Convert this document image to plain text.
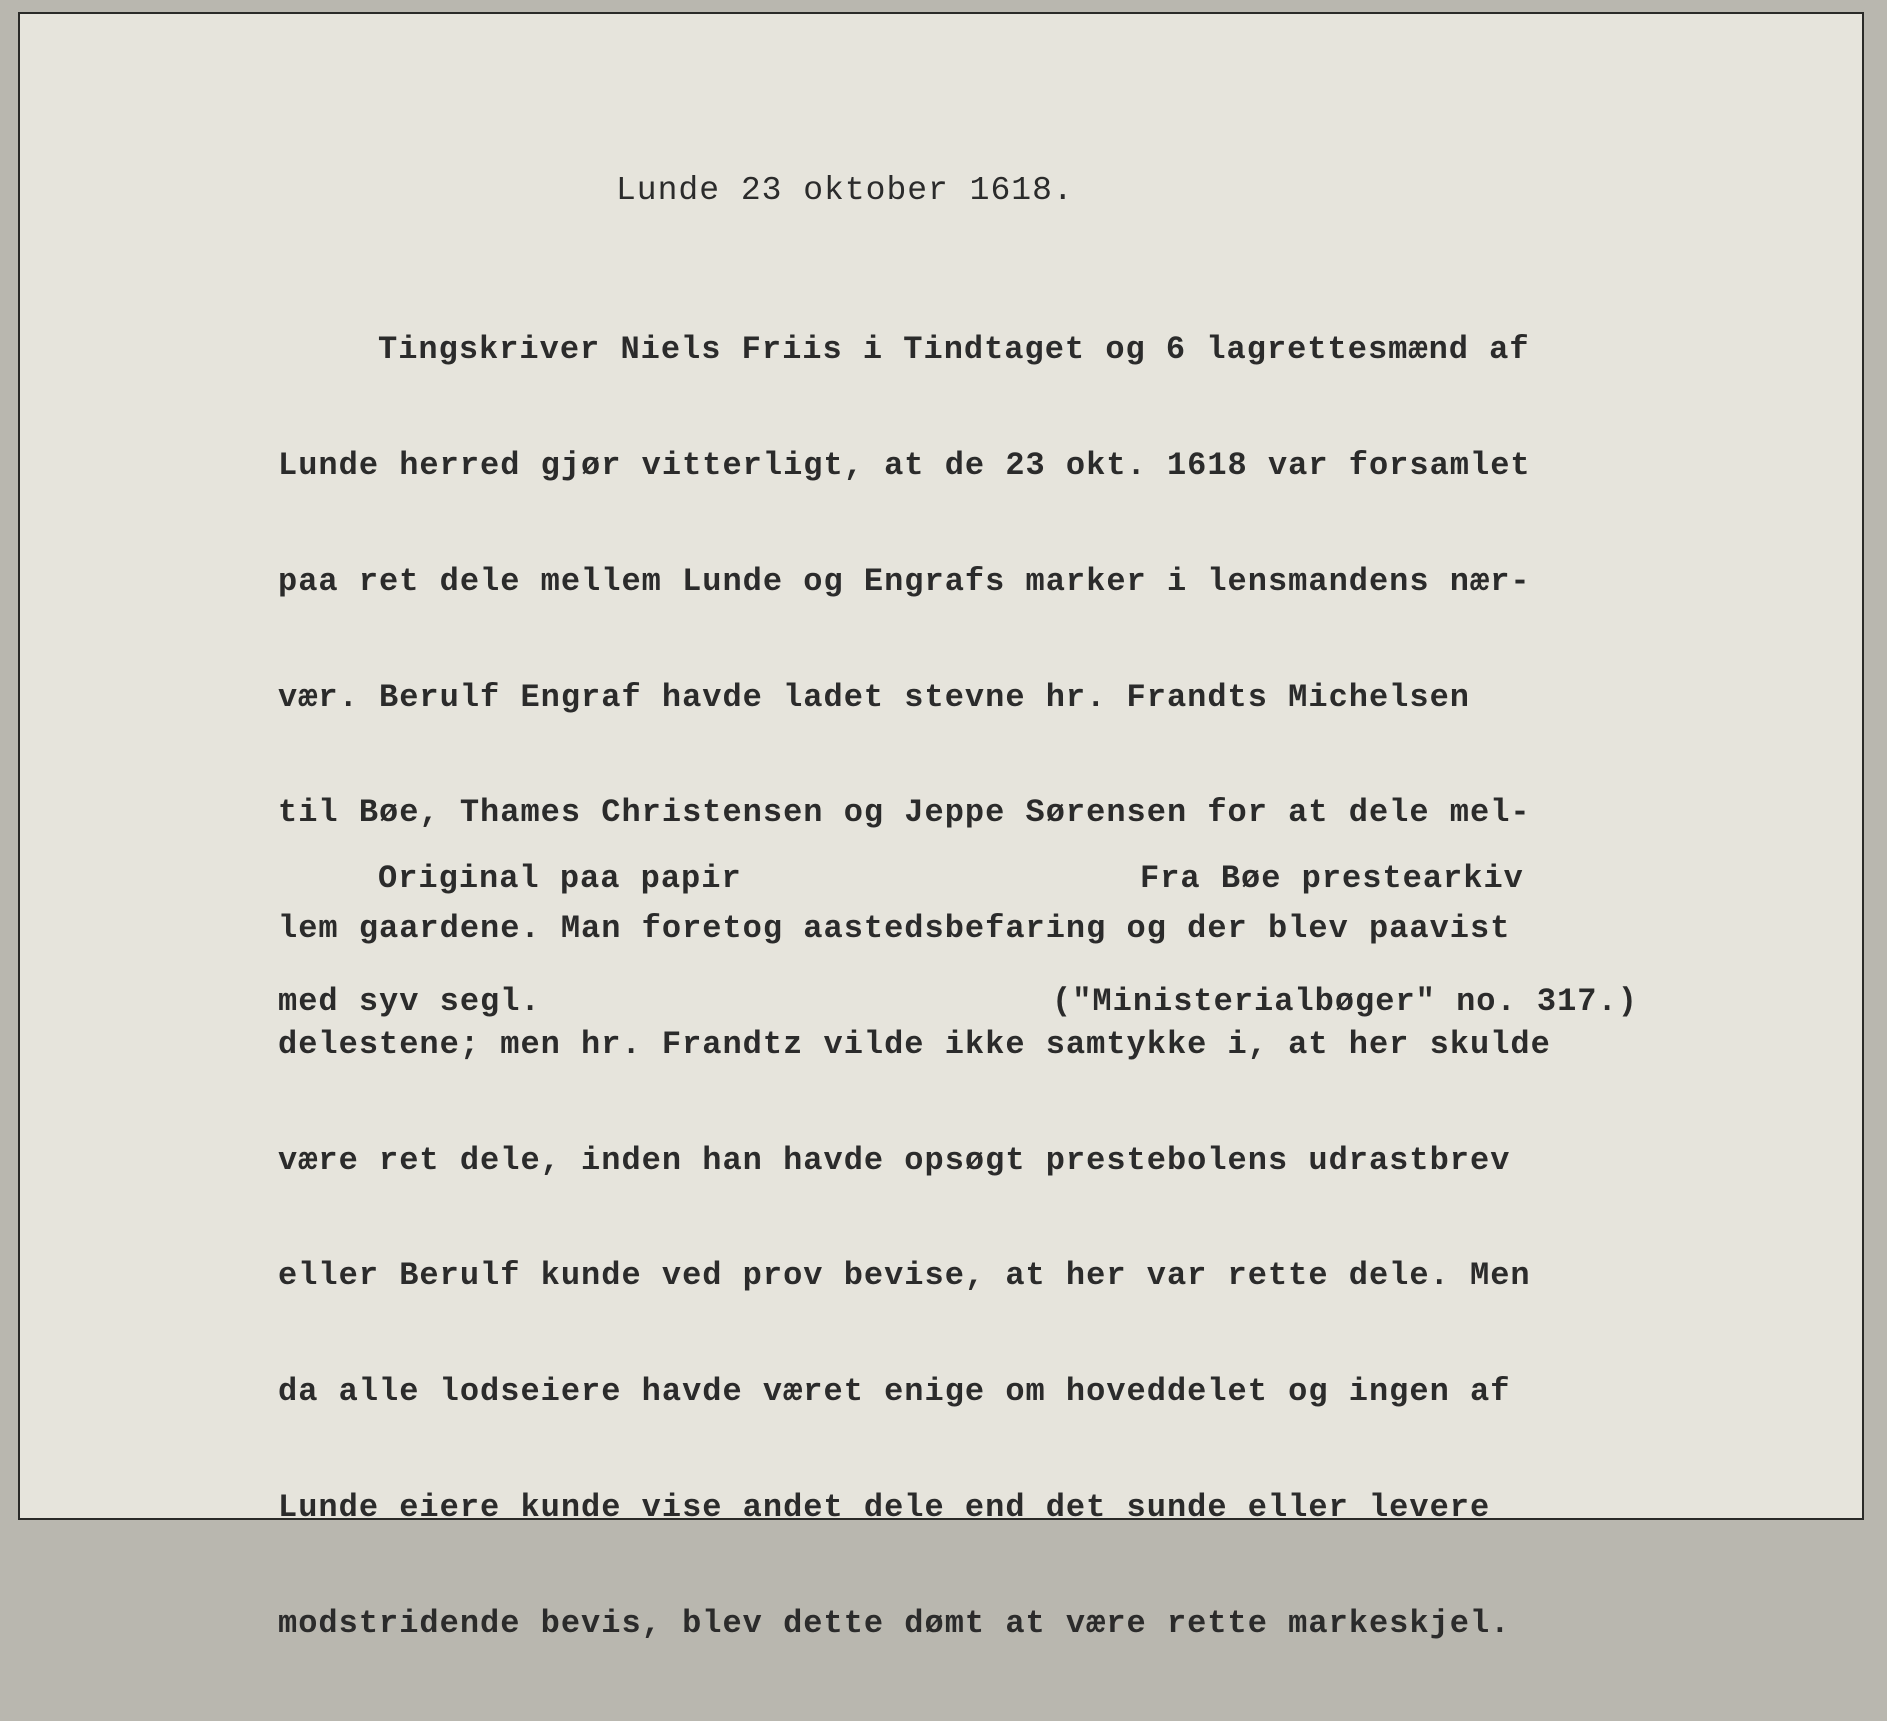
Lunde 23 oktober 1618.

Tingskriver Niels Friis i Tindtaget og 6 lagrettesmænd af

Lunde herred gjør vitterligt, at de 23 okt. 1618 var forsamlet

paa ret dele mellem Lunde og Engrafs marker i lensmandens nær-

vær. Berulf Engraf havde ladet stevne hr. Frandts Michelsen

til Bøe, Thames Christensen og Jeppe Sørensen for at dele mel-

lem gaardene. Man foretog aastedsbefaring og der blev paavist

delestene; men hr. Frandtz vilde ikke samtykke i, at her skulde

være ret dele, inden han havde opsøgt prestebolens udrastbrev

eller Berulf kunde ved prov bevise, at her var rette dele. Men

da alle lodseiere havde været enige om hoveddelet og ingen af

Lunde eiere kunde vise andet dele end det sunde eller levere

modstridende bevis, blev dette dømt at være rette markeskjel.

Original paa papir

med syv segl.

Fra Bøe prestearkiv

("Ministerialbøger" no. 317.)
